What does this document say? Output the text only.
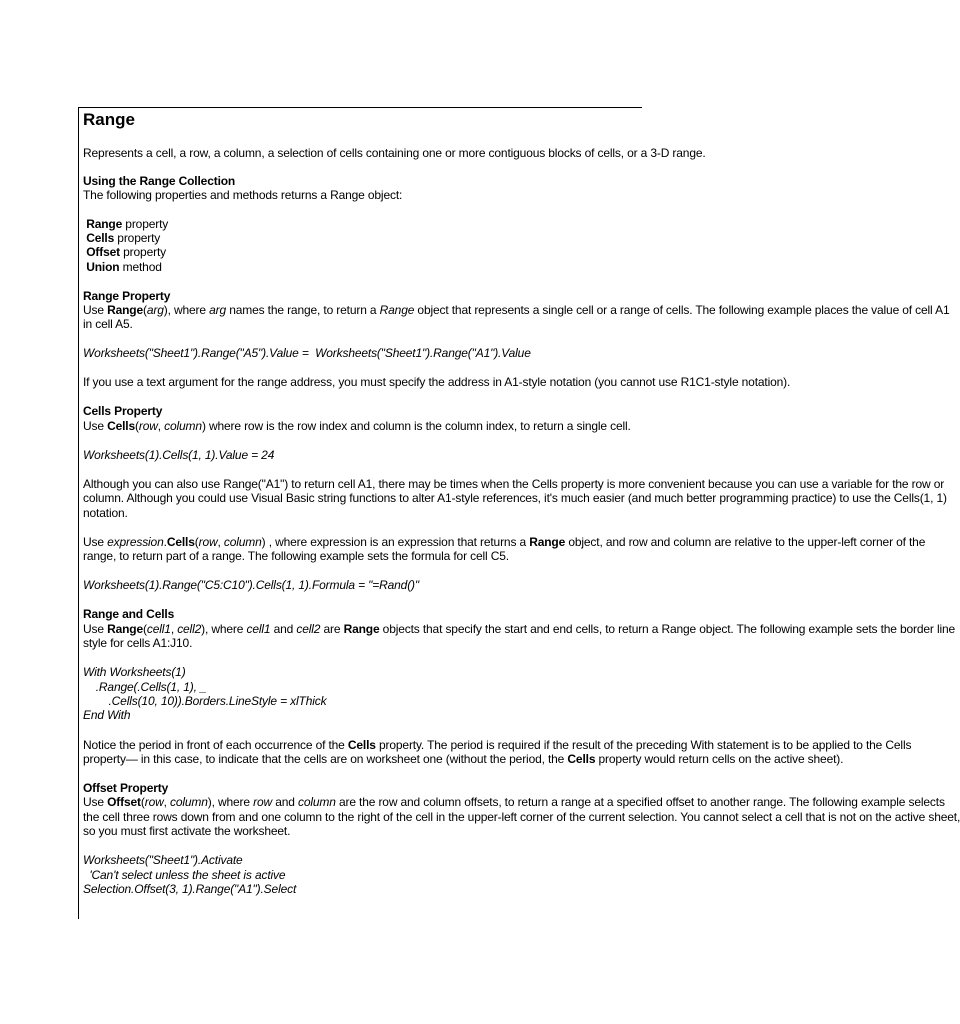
Range
Represents a cell, a row, a column, a selection of cells containing one or more contiguous blocks of cells, or a 3-D range.
Using the Range Collection
The following properties and methods returns a Range object:
Range property
Cells property
Offset property
Union method
Range Property
Use Range(arg), where arg names the range, to return a Range object that represents a single cell or a range of cells. The following example places the value of cell A1
in cell A5.
Worksheets("Sheet1").Range("A5").Value =  Worksheets("Sheet1").Range("A1").Value
If you use a text argument for the range address, you must specify the address in A1-style notation (you cannot use R1C1-style notation).
Cells Property
Use Cells(row, column) where row is the row index and column is the column index, to return a single cell.
Worksheets(1).Cells(1, 1).Value = 24
Although you can also use Range("A1") to return cell A1, there may be times when the Cells property is more convenient because you can use a variable for the row or
column. Although you could use Visual Basic string functions to alter A1-style references, it's much easier (and much better programming practice) to use the Cells(1, 1)
notation.
Use expression.Cells(row, column) , where expression is an expression that returns a Range object, and row and column are relative to the upper-left corner of the
range, to return part of a range. The following example sets the formula for cell C5.
Worksheets(1).Range("C5:C10").Cells(1, 1).Formula = "=Rand()"
Range and Cells
Use Range(cell1, cell2), where cell1 and cell2 are Range objects that specify the start and end cells, to return a Range object. The following example sets the border line
style for cells A1:J10.
With Worksheets(1)
.Range(.Cells(1, 1), _
.Cells(10, 10)).Borders.LineStyle = xlThick
End With
Notice the period in front of each occurrence of the Cells property. The period is required if the result of the preceding With statement is to be applied to the Cells
property— in this case, to indicate that the cells are on worksheet one (without the period, the Cells property would return cells on the active sheet).
Offset Property
Use Offset(row, column), where row and column are the row and column offsets, to return a range at a specified offset to another range. The following example selects
the cell three rows down from and one column to the right of the cell in the upper-left corner of the current selection. You cannot select a cell that is not on the active sheet,
so you must first activate the worksheet.
Worksheets("Sheet1").Activate
'Can't select unless the sheet is active
Selection.Offset(3, 1).Range("A1").Select
